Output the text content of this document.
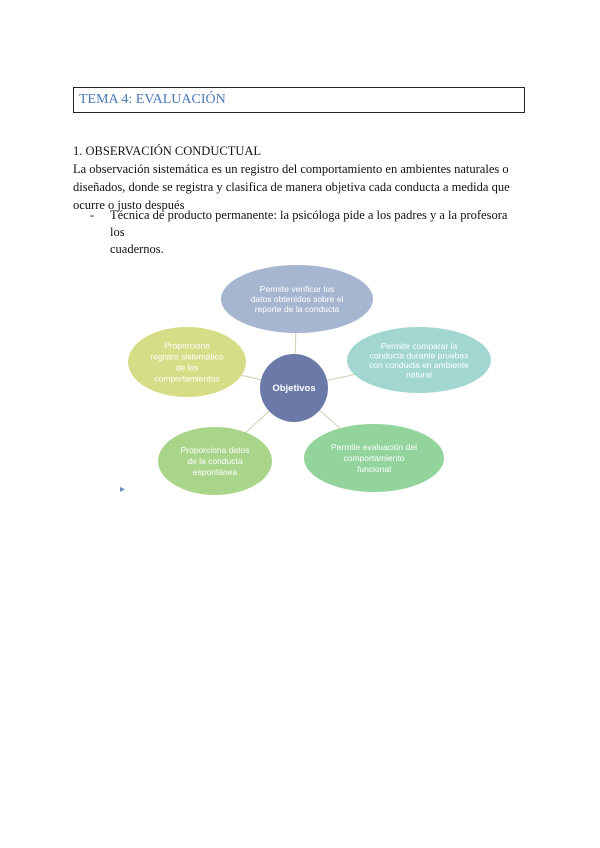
TEMA 4: EVALUACIÓN
1. OBSERVACIÓN CONDUCTUAL
La observación sistemática es un registro del comportamiento en ambientes naturales o
diseñados, donde se registra y clasifica de manera objetiva cada conducta a medida que
ocurre o justo después
- Técnica de producto permanente: la psicóloga pide a los padres y a la profesora los
cuadernos.
Permite verificar los
datos obtenidos sobre el
reporte de la conducta
Permite comparar la
conducta durante pruebas
con conducta en ambiente
natural
Permite evaluación del
comportamiento
funcional
Proporciona datos
de la conducta
espontánea
Proporciona
registro sistemático
de los
comportamientos
Objetivos
▸
